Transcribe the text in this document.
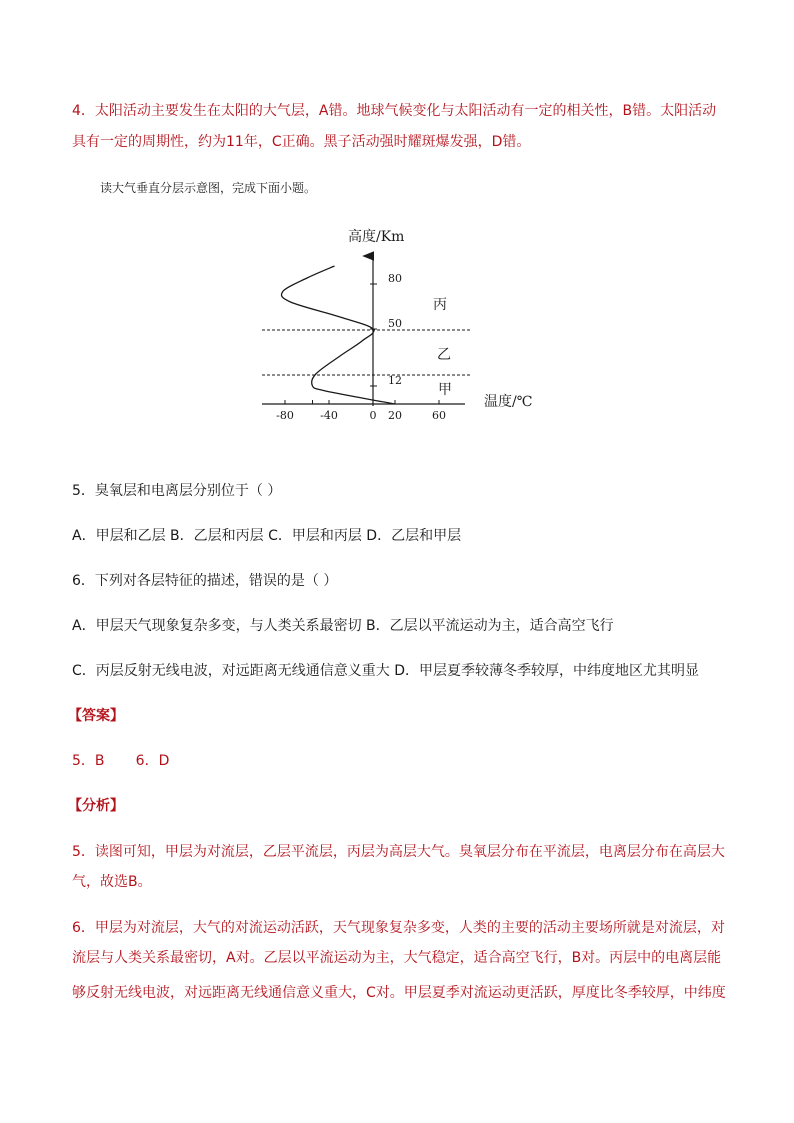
4．太阳活动主要发生在太阳的大气层，A错。地球气候变化与太阳活动有一定的相关性，B错。太阳活动
具有一定的周期性，约为11年，C正确。黑子活动强时耀斑爆发强，D错。
读大气垂直分层示意图，完成下面小题。
-80 -40	0 20	60
12
50
80
高度/Km
温度/℃
丙
乙
甲
5．臭氧层和电离层分别位于（ ）
A．甲层和乙层 B．乙层和丙层 C．甲层和丙层 D．乙层和甲层
6．下列对各层特征的描述，错误的是（ ）
A．甲层天气现象复杂多变，与人类关系最密切 B．乙层以平流运动为主，适合高空飞行
C．丙层反射无线电波，对远距离无线通信意义重大 D．甲层夏季较薄冬季较厚，中纬度地区尤其明显
【答案】
5．B       6．D
【分析】
5．读图可知，甲层为对流层，乙层平流层，丙层为高层大气。臭氧层分布在平流层，电离层分布在高层大
气，故选B。
6．甲层为对流层，大气的对流运动活跃，天气现象复杂多变，人类的主要的活动主要场所就是对流层，对
流层与人类关系最密切，A对。乙层以平流运动为主，大气稳定，适合高空飞行，B对。丙层中的电离层能
够反射无线电波，对远距离无线通信意义重大，C对。甲层夏季对流运动更活跃，厚度比冬季较厚，中纬度
